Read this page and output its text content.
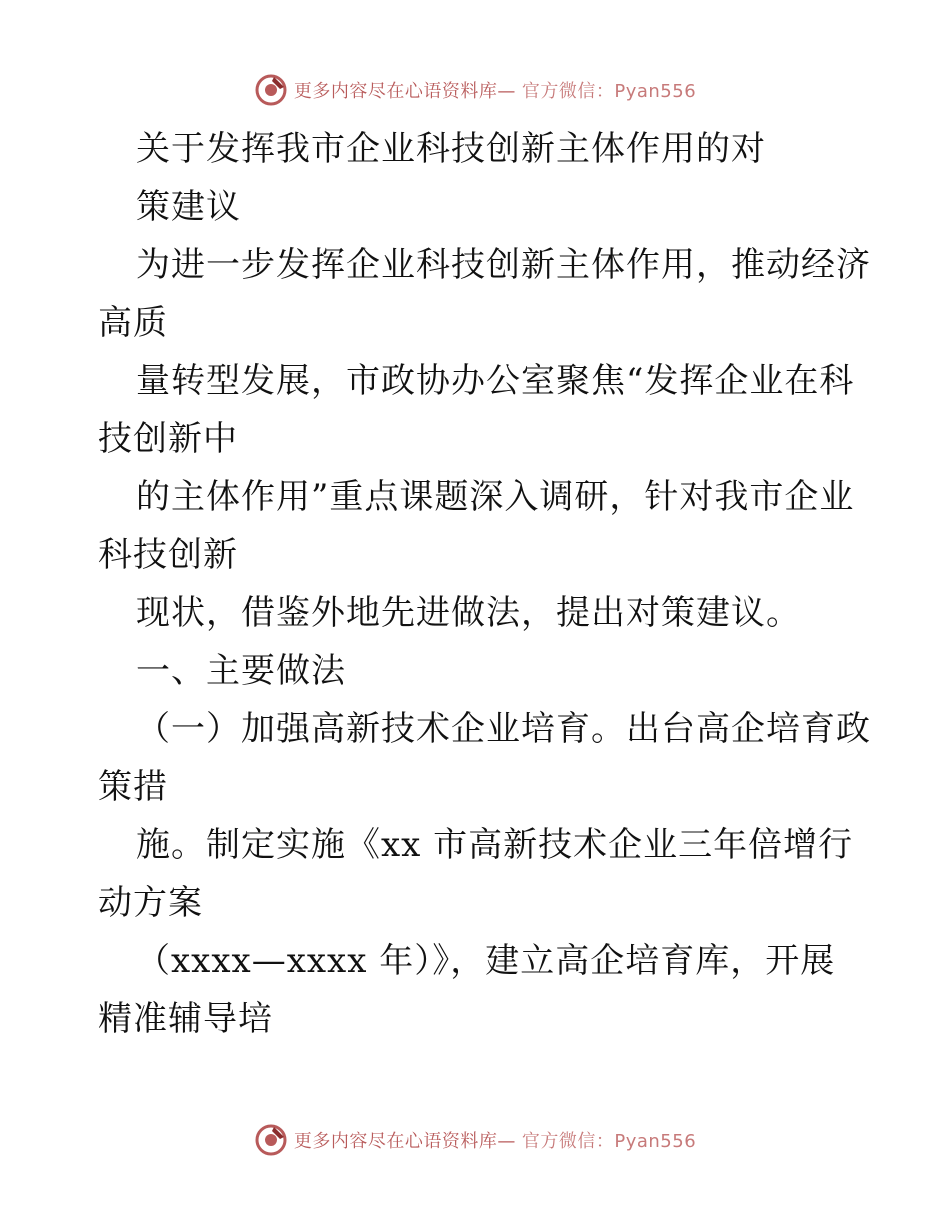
更多内容尽在心语资料库— 官方微信：Pyan556
关于发挥我市企业科技创新主体作用的对
策建议
为进一步发挥企业科技创新主体作用，推动经济
高质
量转型发展，市政协办公室聚焦“发挥企业在科
技创新中
的主体作用”重点课题深入调研，针对我市企业
科技创新
现状，借鉴外地先进做法，提出对策建议。
一、主要做法
（一）加强高新技术企业培育。出台高企培育政
策措
施。制定实施《xx 市高新技术企业三年倍增行
动方案
（xxxx—xxxx 年）》，建立高企培育库，开展
精准辅导培
更多内容尽在心语资料库— 官方微信：Pyan556
